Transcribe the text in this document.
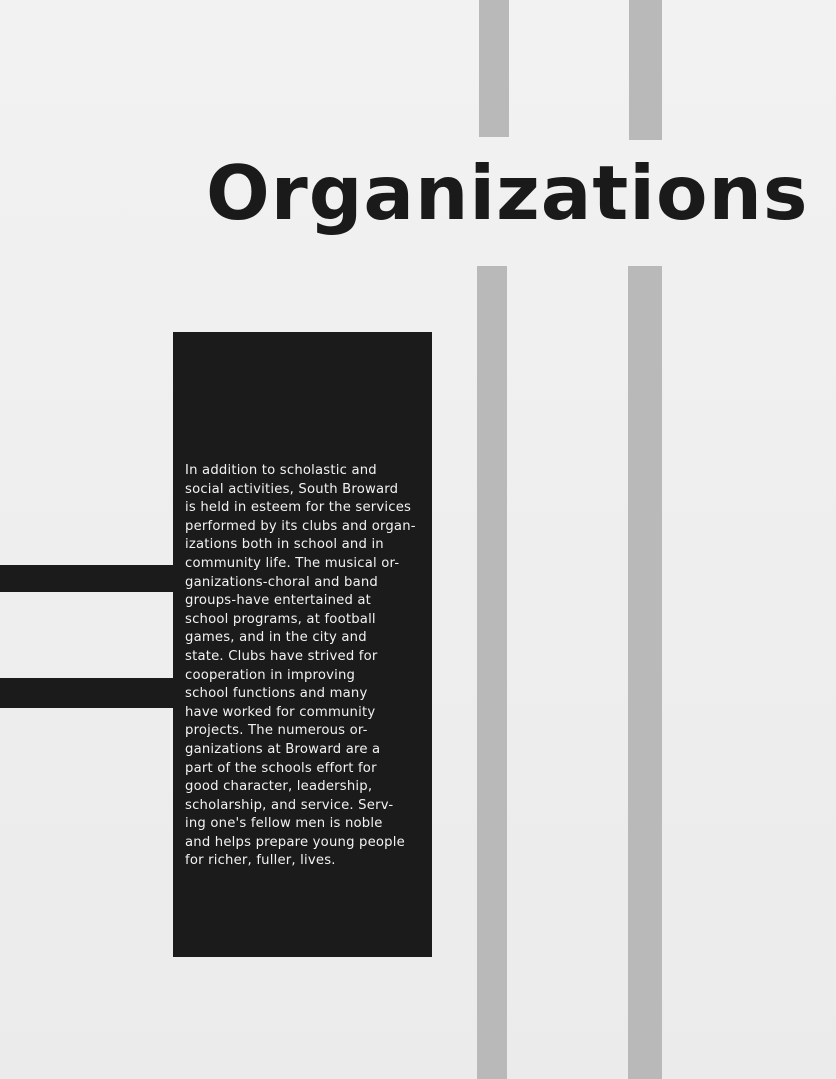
Organizations
In addition to scholastic and
social activities, South Broward
is held in esteem for the services
performed by its clubs and organ-
izations both in school and in
community life. The musical or-
ganizations-choral and band
groups-have entertained at
school programs, at football
games, and in the city and
state. Clubs have strived for
cooperation in improving
school functions and many
have worked for community
projects. The numerous or-
ganizations at Broward are a
part of the schools effort for
good character, leadership,
scholarship, and service. Serv-
ing one's fellow men is noble
and helps prepare young people
for richer, fuller, lives.
